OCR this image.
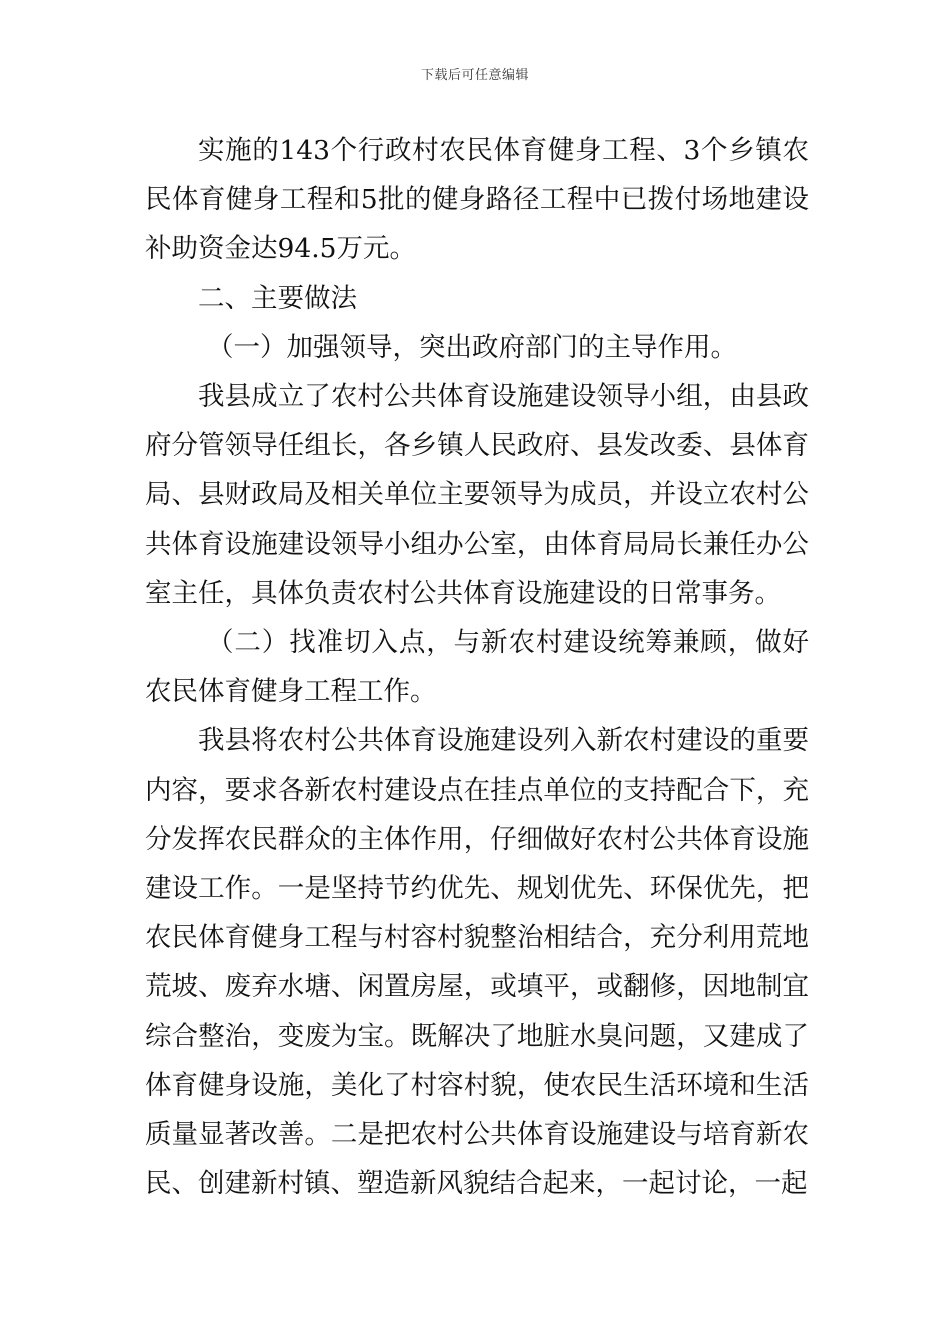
下载后可任意编辑

实施的143个行政村农民体育健身工程、3个乡镇农民体育健身工程和5批的健身路径工程中已拨付场地建设补助资金达94.5万元。

二、主要做法

（一）加强领导，突出政府部门的主导作用。

我县成立了农村公共体育设施建设领导小组，由县政府分管领导任组长，各乡镇人民政府、县发改委、县体育局、县财政局及相关单位主要领导为成员，并设立农村公共体育设施建设领导小组办公室，由体育局局长兼任办公室主任，具体负责农村公共体育设施建设的日常事务。

（二）找准切入点，与新农村建设统筹兼顾，做好农民体育健身工程工作。

我县将农村公共体育设施建设列入新农村建设的重要内容，要求各新农村建设点在挂点单位的支持配合下，充分发挥农民群众的主体作用，仔细做好农村公共体育设施建设工作。一是坚持节约优先、规划优先、环保优先，把农民体育健身工程与村容村貌整治相结合，充分利用荒地荒坡、废弃水塘、闲置房屋，或填平，或翻修，因地制宜综合整治，变废为宝。既解决了地脏水臭问题，又建成了体育健身设施，美化了村容村貌，使农民生活环境和生活质量显著改善。二是把农村公共体育设施建设与培育新农民、创建新村镇、塑造新风貌结合起来，一起讨论，一起
